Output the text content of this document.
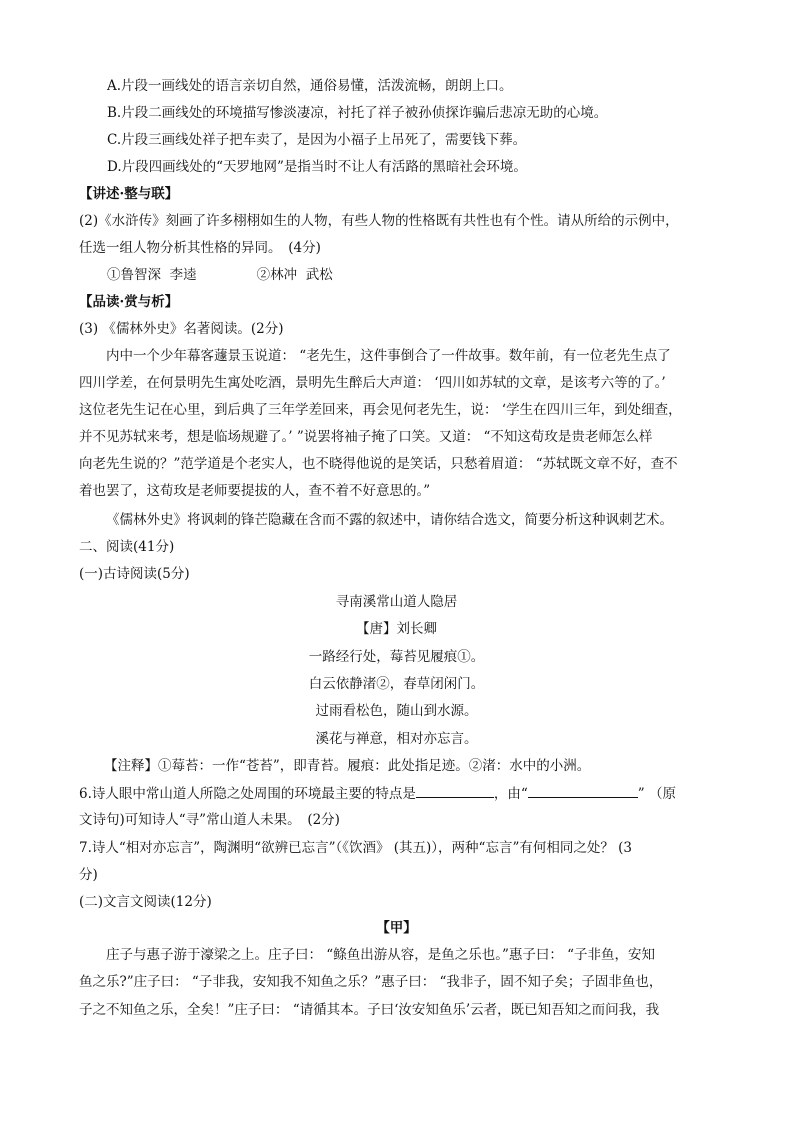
A.片段一画线处的语言亲切自然，通俗易懂，活泼流畅，朗朗上口。
B.片段二画线处的环境描写惨淡凄凉，衬托了祥子被孙侦探诈骗后悲凉无助的心境。
C.片段三画线处祥子把车卖了，是因为小福子上吊死了，需要钱下葬。
D.片段四画线处的“天罗地网”是指当时不让人有活路的黑暗社会环境。
【讲述·整与联】
(2)《水浒传》刻画了许多栩栩如生的人物，有些人物的性格既有共性也有个性。请从所给的示例中，
任选一组人物分析其性格的异同。　(4分)
①鲁智深  李逵              ②林冲  武松
【品读·赏与析】
(3) 《儒林外史》名著阅读。(2分)
内中一个少年幕客蘧景玉说道： “老先生，这件事倒合了一件故事。数年前，有一位老先生点了
四川学差，在何景明先生寓处吃酒，景明先生醉后大声道： ‘四川如苏轼的文章，是该考六等的了。’
这位老先生记在心里，到后典了三年学差回来，再会见何老先生，说： ‘学生在四川三年，到处细查，
并不见苏轼来考，想是临场规避了。’ ”说罢将袖子掩了口笑。又道： “不知这荀玫是贵老师怎么样
向老先生说的？”范学道是个老实人，也不晓得他说的是笑话，只愁着眉道： “苏轼既文章不好，查不
着也罢了，这荀玫是老师要提拔的人，查不着不好意思的。”
《儒林外史》将讽刺的锋芒隐藏在含而不露的叙述中，请你结合选文，简要分析这种讽刺艺术。
二、阅读(41分)
(一)古诗阅读(5分)
寻南溪常山道人隐居
【唐】刘长卿
一路经行处，莓苔见履痕①。
白云依静渚②，春草闭闲门。
过雨看松色，随山到水源。
溪花与禅意，相对亦忘言。
【注释】①莓苔：一作“苍苔”，即青苔。履痕：此处指足迹。②渚：水中的小洲。
6.诗人眼中常山道人所隐之处周围的环境最主要的特点是	，由“	” （原
文诗句)可知诗人“寻”常山道人未果。　(2分)
7.诗人“相对亦忘言”，陶渊明“欲辨已忘言”（《饮酒》 (其五)），两种“忘言”有何相同之处？ (3
分)
(二)文言文阅读(12分)
【甲】
庄子与惠子游于濠梁之上。庄子曰： “鲦鱼出游从容，是鱼之乐也。”惠子曰： “子非鱼，安知
鱼之乐?”庄子曰： “子非我，安知我不知鱼之乐？”惠子曰： “我非子，固不知子矣；子固非鱼也，
子之不知鱼之乐，全矣！”庄子曰： “请循其本。子曰‘汝安知鱼乐’云者，既已知吾知之而问我，我
